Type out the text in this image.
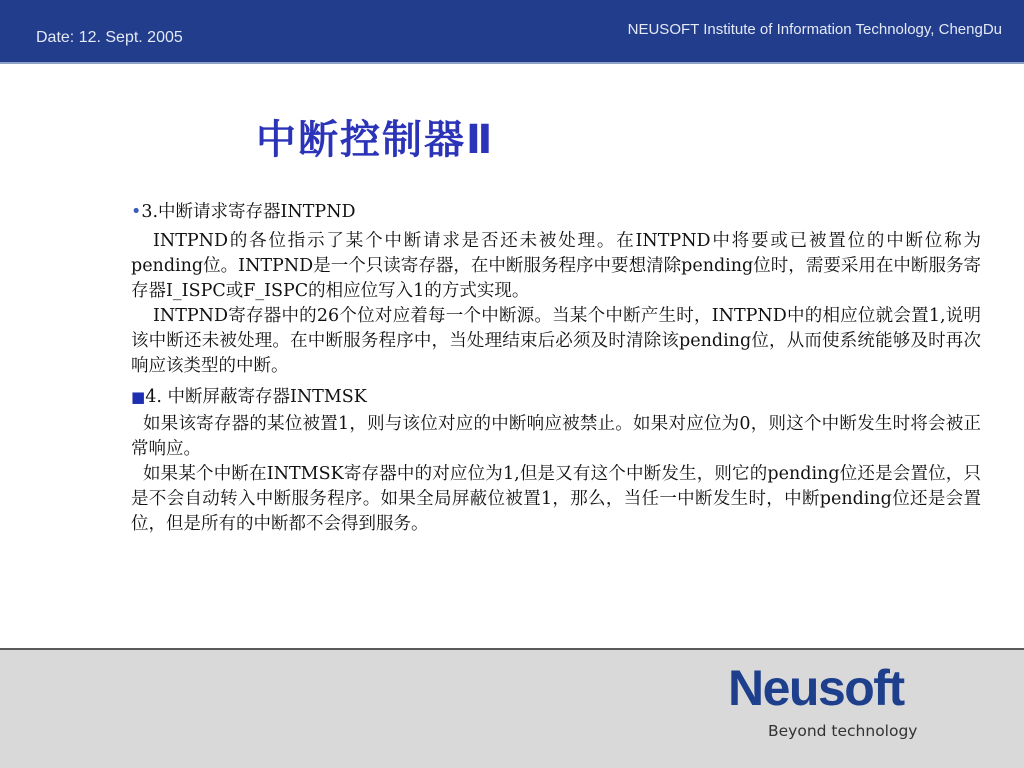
Date: 12. Sept. 2005	NEUSOFT Institute of Information Technology, ChengDu
中断控制器Ⅱ

•3.中断请求寄存器INTPND

INTPND的各位指示了某个中断请求是否还未被处理。在INTPND中将要或已被置位的中断位称为pending位。INTPND是一个只读寄存器，在中断服务程序中要想清除pending位时，需要采用在中断服务寄存器I_ISPC或F_ISPC的相应位写入1的方式实现。

INTPND寄存器中的26个位对应着每一个中断源。当某个中断产生时，INTPND中的相应位就会置1,说明该中断还未被处理。在中断服务程序中，当处理结束后必须及时清除该pending位，从而使系统能够及时再次响应该类型的中断。

■4. 中断屏蔽寄存器INTMSK

如果该寄存器的某位被置1，则与该位对应的中断响应被禁止。如果对应位为0，则这个中断发生时将会被正常响应。

如果某个中断在INTMSK寄存器中的对应位为1,但是又有这个中断发生，则它的pending位还是会置位，只是不会自动转入中断服务程序。如果全局屏蔽位被置1，那么，当任一中断发生时，中断pending位还是会置位，但是所有的中断都不会得到服务。

Neusoft
Beyond technology
